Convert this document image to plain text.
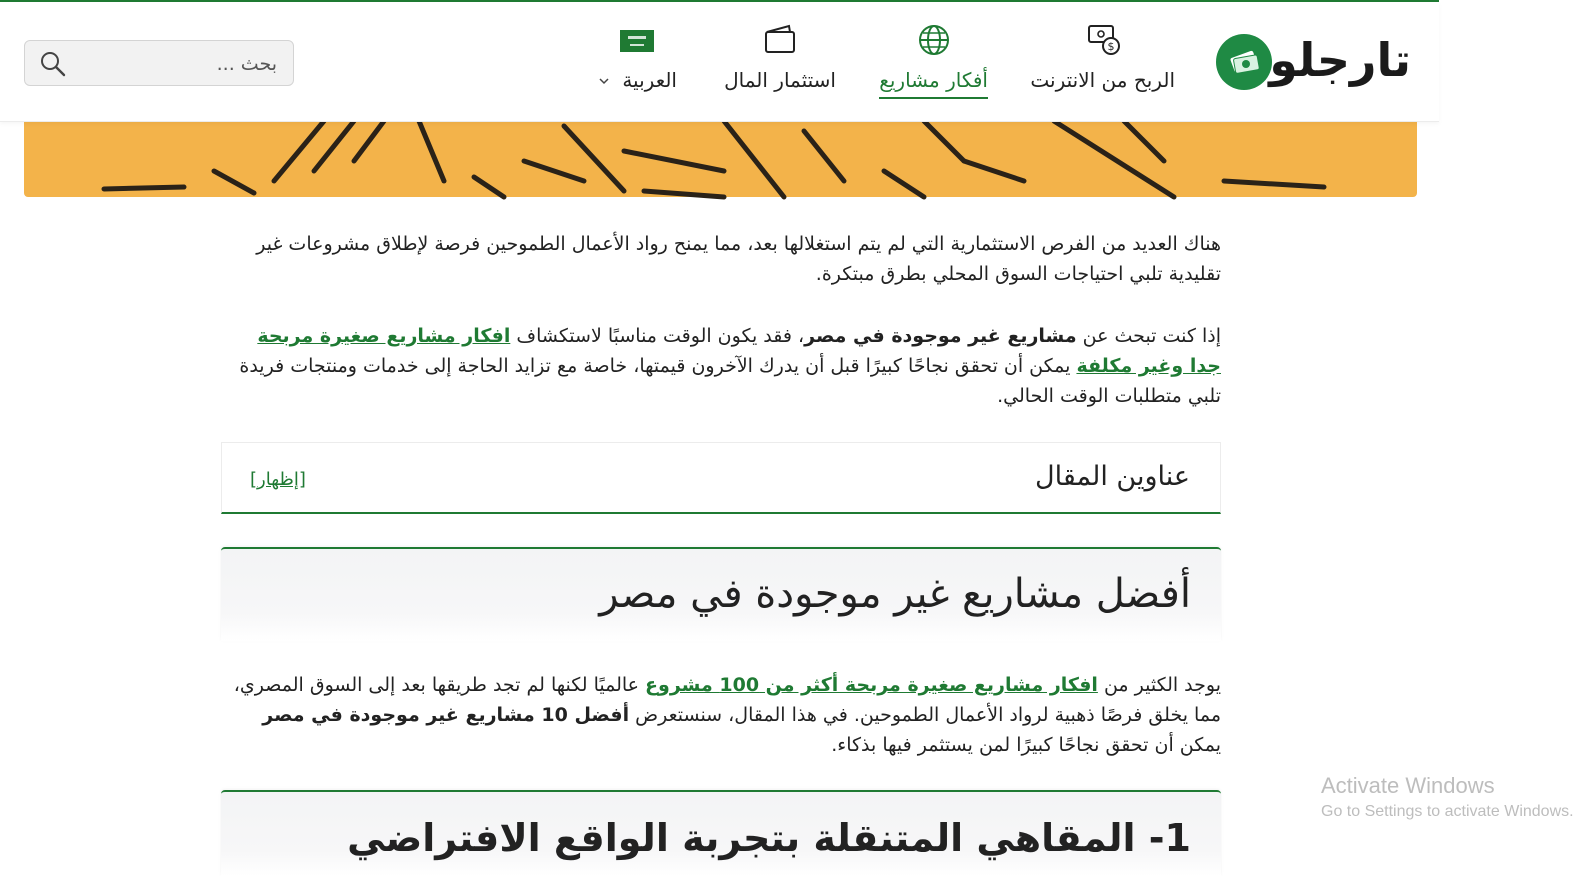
تارجلو
$
الربح من الانترنت
أفكار مشاريع
استثمار المال
العربية
بحث ...

هناك العديد من الفرص الاستثمارية التي لم يتم استغلالها بعد، مما يمنح رواد الأعمال الطموحين فرصة لإطلاق مشروعات غير تقليدية تلبي احتياجات السوق المحلي بطرق مبتكرة.

إذا كنت تبحث عن مشاريع غير موجودة في مصر، فقد يكون الوقت مناسبًا لاستكشاف افكار مشاريع صغيرة مربحة جدا وغير مكلفة يمكن أن تحقق نجاحًا كبيرًا قبل أن يدرك الآخرون قيمتها، خاصة مع تزايد الحاجة إلى خدمات ومنتجات فريدة تلبي متطلبات الوقت الحالي.

عناوين المقال
[إظهار]
أفضل مشاريع غير موجودة في مصر

يوجد الكثير من افكار مشاريع صغيرة مربحة أكثر من 100 مشروع عالميًا لكنها لم تجد طريقها بعد إلى السوق المصري، مما يخلق فرصًا ذهبية لرواد الأعمال الطموحين. في هذا المقال، سنستعرض أفضل 10 مشاريع غير موجودة في مصر يمكن أن تحقق نجاحًا كبيرًا لمن يستثمر فيها بذكاء.

1- المقاهي المتنقلة بتجربة الواقع الافتراضي
Activate Windows
Go to Settings to activate Windows.
